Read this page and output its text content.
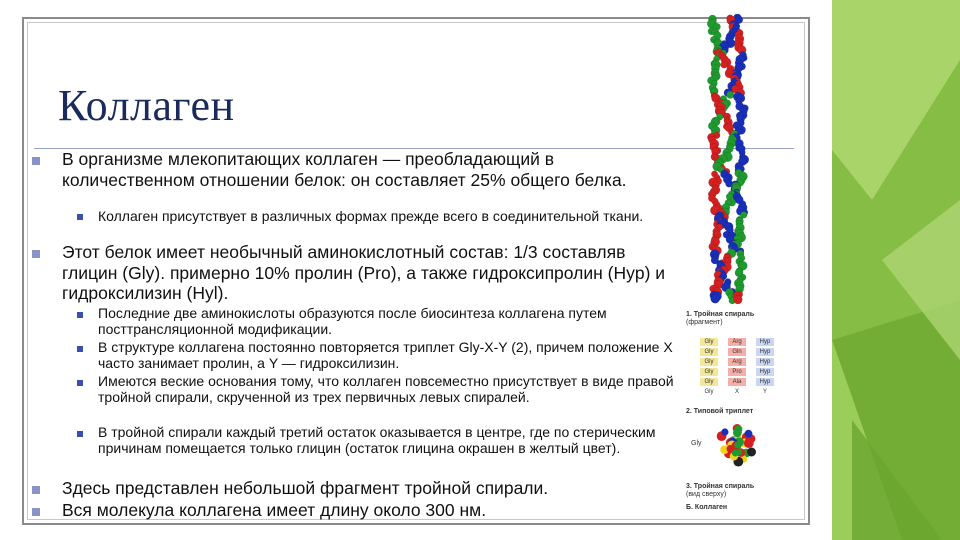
Коллаген
В организме млекопитающих коллаген — преобладающий в количественном отношении белок: он составляет 25% общего белка.
Коллаген присутствует в различных формах прежде всего в соединительной ткани.
Этот белок имеет необычный аминокислотный состав: 1/3 составляв глицин (Gly). примерно 10% пролин (Pro), а также гидроксипролин (Hyp) и гидроксилизин (Hyl).
Последние две аминокислоты образуются после биосинтеза коллагена путем посттрансляционной модификации.
В структуре коллагена постоянно повторяется триплет Gly-X-Y (2), причем положение X часто занимает пролин, а Y — гидроксилизин.
Имеются веские основания тому, что коллаген повсеместно присутствует в виде правой тройной спирали, скрученной из трех первичных левых спиралей.
В тройной спирали каждый третий остаток оказывается в центре, где по стерическим причинам помещается только глицин (остаток глицина окрашен в желтый цвет).
Здесь представлен небольшой фрагмент тройной спирали.
Вся молекула коллагена имеет длину около 300 нм.
1. Тройная спираль
(фрагмент)
Gly	Arg	Hyp
Gly	Gln	Hyp
Gly	Arg	Hyp
Gly	Pro	Hyp
Gly	Ala	Hyp
Gly	X	Y
2. Типовой триплет
Gly
3. Тройная спираль
(вид сверху)
Б. Коллаген
